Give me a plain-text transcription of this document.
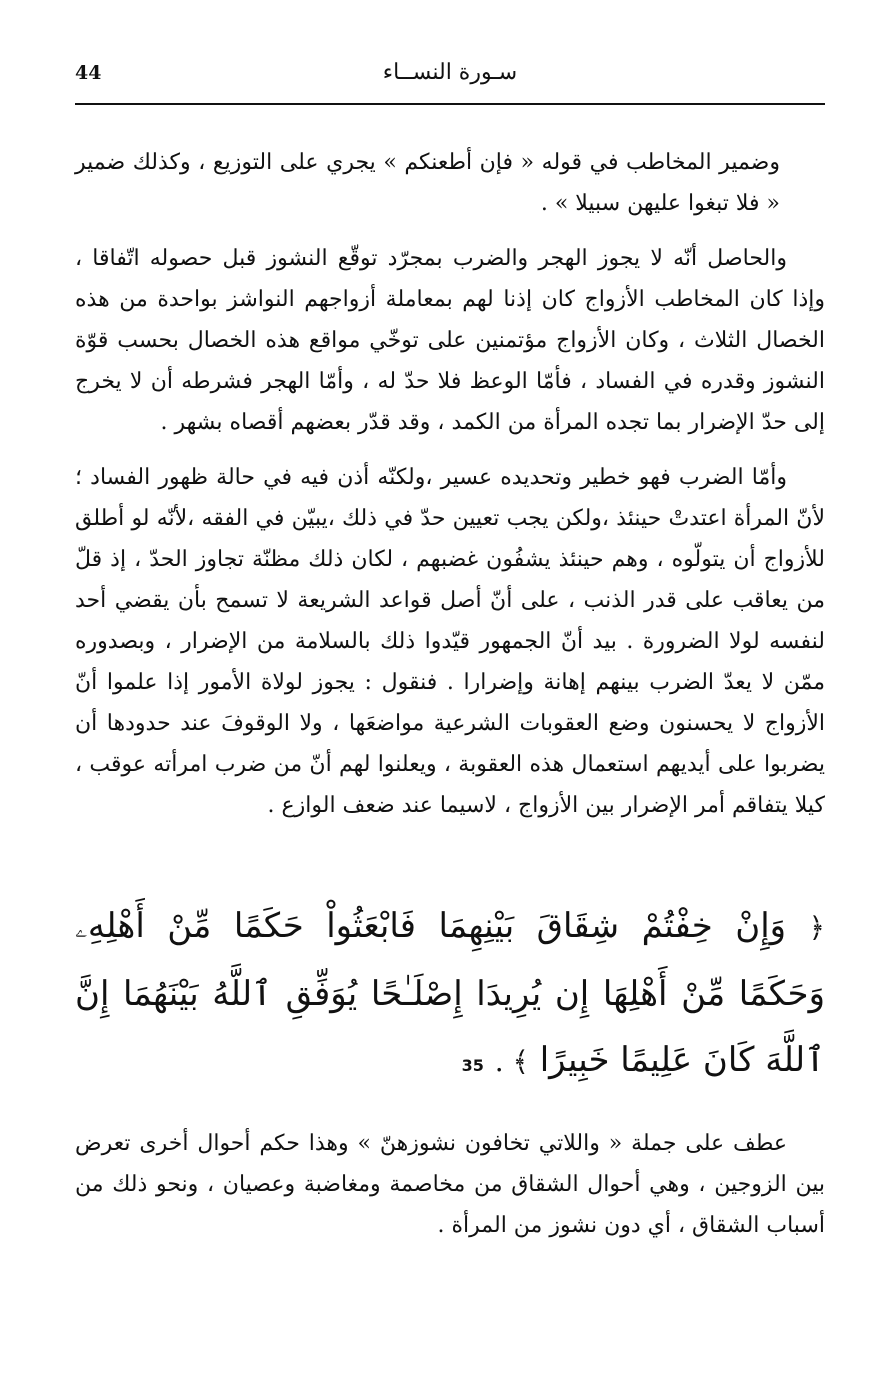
44	سـورة النســاء

وضمير المخاطب في قوله « فإن أطعنكم » يجري على التوزيع ، وكذلك ضمير « فلا تبغوا عليهن سبيلا » .

والحاصل أنّه لا يجوز الهجر والضرب بمجرّد توقّع النشوز قبل حصوله اتّفاقا ، وإذا كان المخاطب الأزواج كان إذنا لهم بمعاملة أزواجهم النواشز بواحدة من هذه الخصال الثلاث ، وكان الأزواج مؤتمنين على توخّي مواقع هذه الخصال بحسب قوّة النشوز وقدره في الفساد ، فأمّا الوعظ فلا حدّ له ، وأمّا الهجر فشرطه أن لا يخرج إلى حدّ الإضرار بما تجده المرأة من الكمد ، وقد قدّر بعضهم أقصاه بشهر .

وأمّا الضرب فهو خطير وتحديده عسير ،ولكنّه أذن فيه في حالة ظهور الفساد ؛ لأنّ المرأة اعتدتْ حينئذ ،ولكن يجب تعيين حدّ في ذلك ،يبيّن في الفقه ،لأنّه لو أطلق للأزواج أن يتولّوه ، وهم حينئذ يشفُون غضبهم ، لكان ذلك مظنّة تجاوز الحدّ ، إذ قلّ من يعاقب على قدر الذنب ، على أنّ أصل قواعد الشريعة لا تسمح بأن يقضي أحد لنفسه لولا الضرورة . بيد أنّ الجمهور قيّدوا ذلك بالسلامة من الإضرار ، وبصدوره ممّن لا يعدّ الضرب بينهم إهانة وإضرارا . فنقول : يجوز لولاة الأمور إذا علموا أنّ الأزواج لا يحسنون وضع العقوبات الشرعية مواضعَها ، ولا الوقوفَ عند حدودها أن يضربوا على أيديهم استعمال هذه العقوبة ، ويعلنوا لهم أنّ من ضرب امرأته عوقب ، كيلا يتفاقم أمر الإضرار بين الأزواج ، لاسيما عند ضعف الوازع .

﴿ وَإِنْ خِفْتُمْ شِقَاقَ بَيْنِهِمَا فَابْعَثُواْ حَكَمًا مِّنْ أَهْلِهِۦ وَحَكَمًا مِّنْ أَهْلِهَا إِن يُرِيدَا إِصْلَـٰحًا يُوَفِّقِ ٱللَّهُ بَيْنَهُمَا إِنَّ ٱللَّهَ كَانَ عَلِيمًا خَبِيرًا ﴾ . 35

عطف على جملة « واللاتي تخافون نشوزهنّ » وهذا حكم أحوال أخرى تعرض بين الزوجين ، وهي أحوال الشقاق من مخاصمة ومغاضبة وعصيان ، ونحو ذلك من أسباب الشقاق ، أي دون نشوز من المرأة .
